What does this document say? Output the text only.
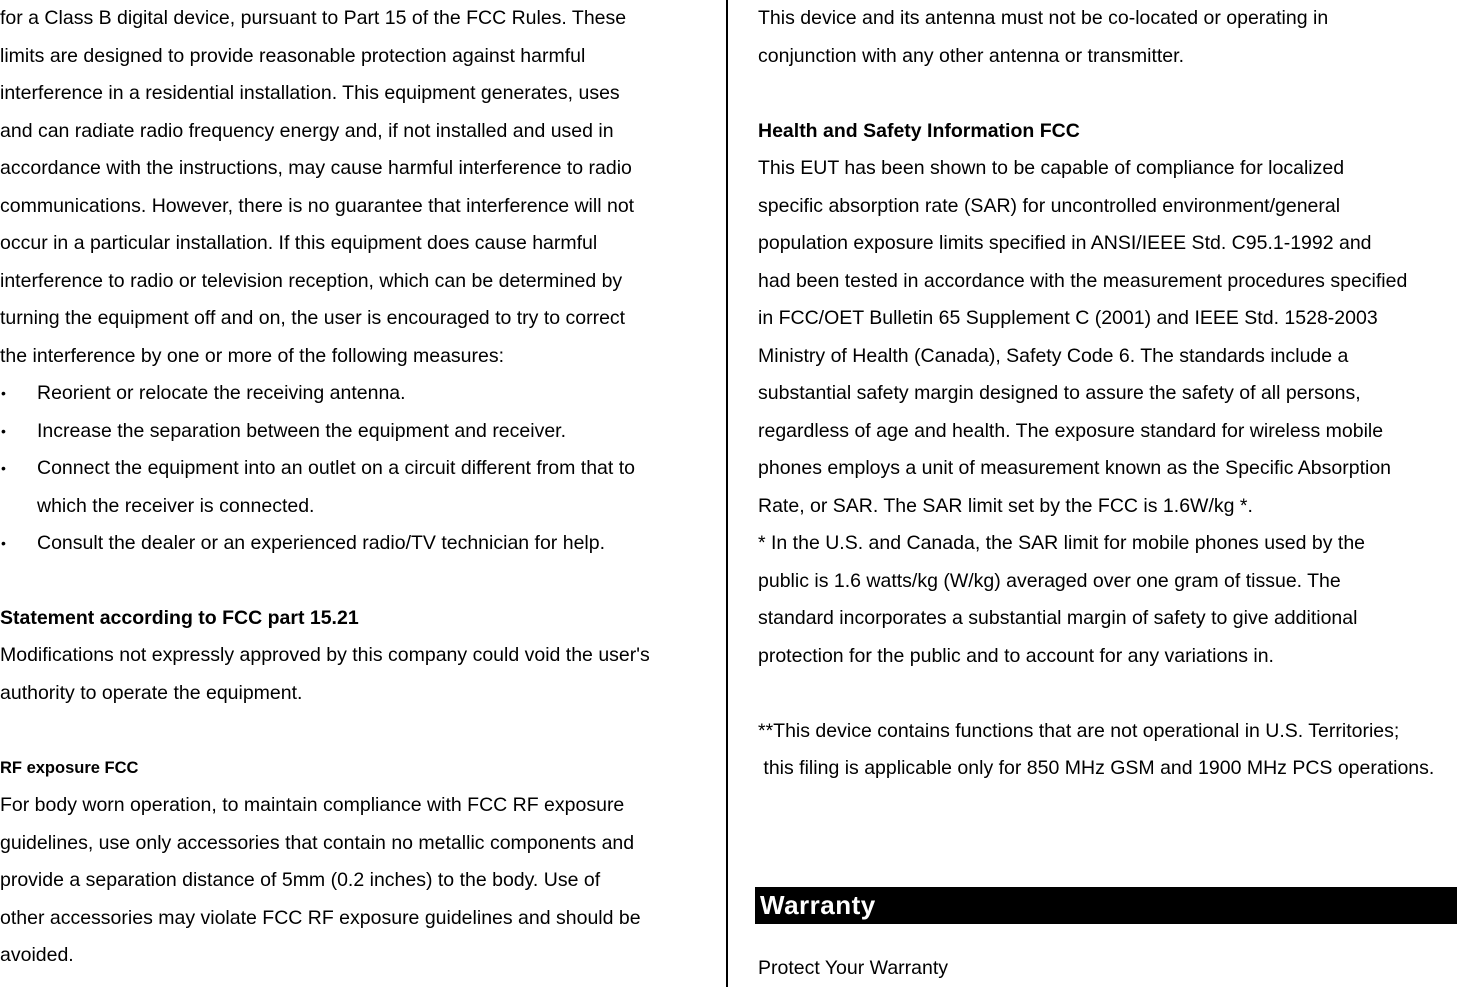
for a Class B digital device, pursuant to Part 15 of the FCC Rules. These
limits are designed to provide reasonable protection against harmful
interference in a residential installation. This equipment generates, uses
and can radiate radio frequency energy and, if not installed and used in
accordance with the instructions, may cause harmful interference to radio
communications. However, there is no guarantee that interference will not
occur in a particular installation. If this equipment does cause harmful
interference to radio or television reception, which can be determined by
turning the equipment off and on, the user is encouraged to try to correct
the interference by one or more of the following measures:
• Reorient or relocate the receiving antenna.
• Increase the separation between the equipment and receiver.
• Connect the equipment into an outlet on a circuit different from that to
which the receiver is connected.
• Consult the dealer or an experienced radio/TV technician for help.
Statement according to FCC part 15.21
Modifications not expressly approved by this company could void the user's
authority to operate the equipment.
RF exposure FCC
For body worn operation, to maintain compliance with FCC RF exposure
guidelines, use only accessories that contain no metallic components and
provide a separation distance of 5mm (0.2 inches) to the body. Use of
other accessories may violate FCC RF exposure guidelines and should be
avoided.
This device and its antenna must not be co-located or operating in
conjunction with any other antenna or transmitter.
Health and Safety Information FCC
This EUT has been shown to be capable of compliance for localized
specific absorption rate (SAR) for uncontrolled environment/general
population exposure limits specified in ANSI/IEEE Std. C95.1-1992 and
had been tested in accordance with the measurement procedures specified
in FCC/OET Bulletin 65 Supplement C (2001) and IEEE Std. 1528-2003
Ministry of Health (Canada), Safety Code 6. The standards include a
substantial safety margin designed to assure the safety of all persons,
regardless of age and health. The exposure standard for wireless mobile
phones employs a unit of measurement known as the Specific Absorption
Rate, or SAR. The SAR limit set by the FCC is 1.6W/kg *.
* In the U.S. and Canada, the SAR limit for mobile phones used by the
public is 1.6 watts/kg (W/kg) averaged over one gram of tissue. The
standard incorporates a substantial margin of safety to give additional
protection for the public and to account for any variations in.
**This device contains functions that are not operational in U.S. Territories;
this filing is applicable only for 850 MHz GSM and 1900 MHz PCS operations.
Protect Your Warranty
Warranty
